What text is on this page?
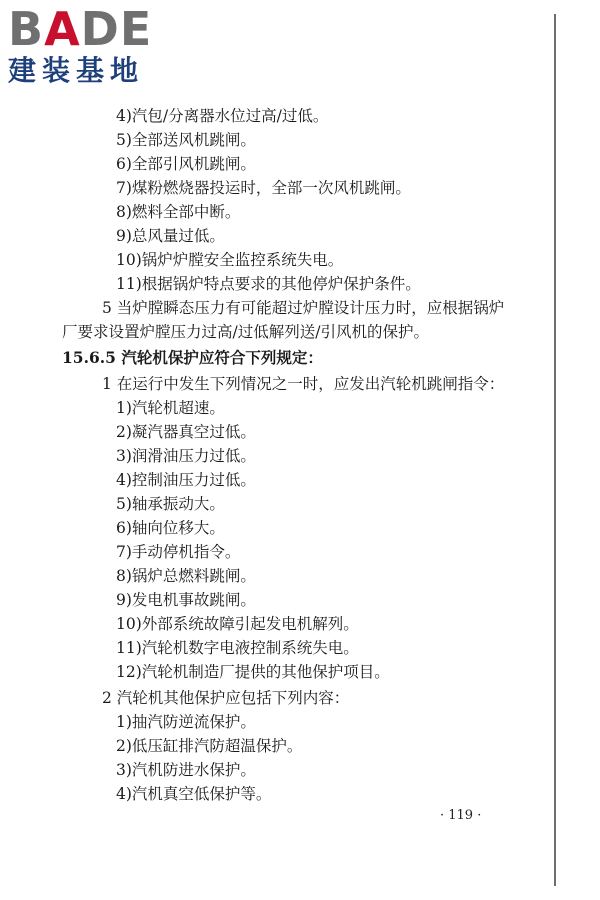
BADE
建装基地
4)汽包/分离器水位过高/过低。
5)全部送风机跳闸。
6)全部引风机跳闸。
7)煤粉燃烧器投运时，全部一次风机跳闸。
8)燃料全部中断。
9)总风量过低。
10)锅炉炉膛安全监控系统失电。
11)根据锅炉特点要求的其他停炉保护条件。
5 当炉膛瞬态压力有可能超过炉膛设计压力时，应根据锅炉
厂要求设置炉膛压力过高/过低解列送/引风机的保护。
15.6.5 汽轮机保护应符合下列规定：
1 在运行中发生下列情况之一时，应发出汽轮机跳闸指令：
1)汽轮机超速。
2)凝汽器真空过低。
3)润滑油压力过低。
4)控制油压力过低。
5)轴承振动大。
6)轴向位移大。
7)手动停机指令。
8)锅炉总燃料跳闸。
9)发电机事故跳闸。
10)外部系统故障引起发电机解列。
11)汽轮机数字电液控制系统失电。
12)汽轮机制造厂提供的其他保护项目。
2 汽轮机其他保护应包括下列内容：
1)抽汽防逆流保护。
2)低压缸排汽防超温保护。
3)汽机防进水保护。
4)汽机真空低保护等。
· 119 ·
